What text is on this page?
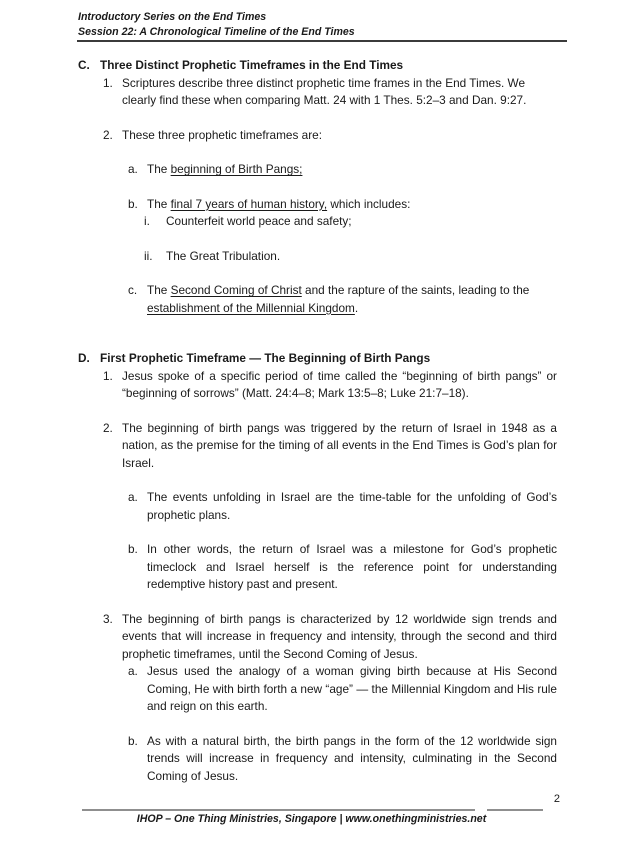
Introductory Series on the End Times
Session 22: A Chronological Timeline of the End Times
C. Three Distinct Prophetic Timeframes in the End Times
1. Scriptures describe three distinct prophetic time frames in the End Times. We clearly find these when comparing Matt. 24 with 1 Thes. 5:2–3 and Dan. 9:27.
2. These three prophetic timeframes are:
a. The beginning of Birth Pangs;
b. The final 7 years of human history, which includes:
i.	Counterfeit world peace and safety;
ii.	The Great Tribulation.
c. The Second Coming of Christ and the rapture of the saints, leading to the establishment of the Millennial Kingdom.
D. First Prophetic Timeframe — The Beginning of Birth Pangs
1. Jesus spoke of a specific period of time called the “beginning of birth pangs” or “beginning of sorrows” (Matt. 24:4–8; Mark 13:5–8; Luke 21:7–18).
2. The beginning of birth pangs was triggered by the return of Israel in 1948 as a nation, as the premise for the timing of all events in the End Times is God’s plan for Israel.
a. The events unfolding in Israel are the time-table for the unfolding of God’s prophetic plans.
b. In other words, the return of Israel was a milestone for God’s prophetic timeclock and Israel herself is the reference point for understanding redemptive history past and present.
3. The beginning of birth pangs is characterized by 12 worldwide sign trends and events that will increase in frequency and intensity, through the second and third prophetic timeframes, until the Second Coming of Jesus.
a. Jesus used the analogy of a woman giving birth because at His Second Coming, He with birth forth a new “age” — the Millennial Kingdom and His rule and reign on this earth.
b. As with a natural birth, the birth pangs in the form of the 12 worldwide sign trends will increase in frequency and intensity, culminating in the Second Coming of Jesus.
2
IHOP – One Thing Ministries, Singapore | www.onethingministries.net
